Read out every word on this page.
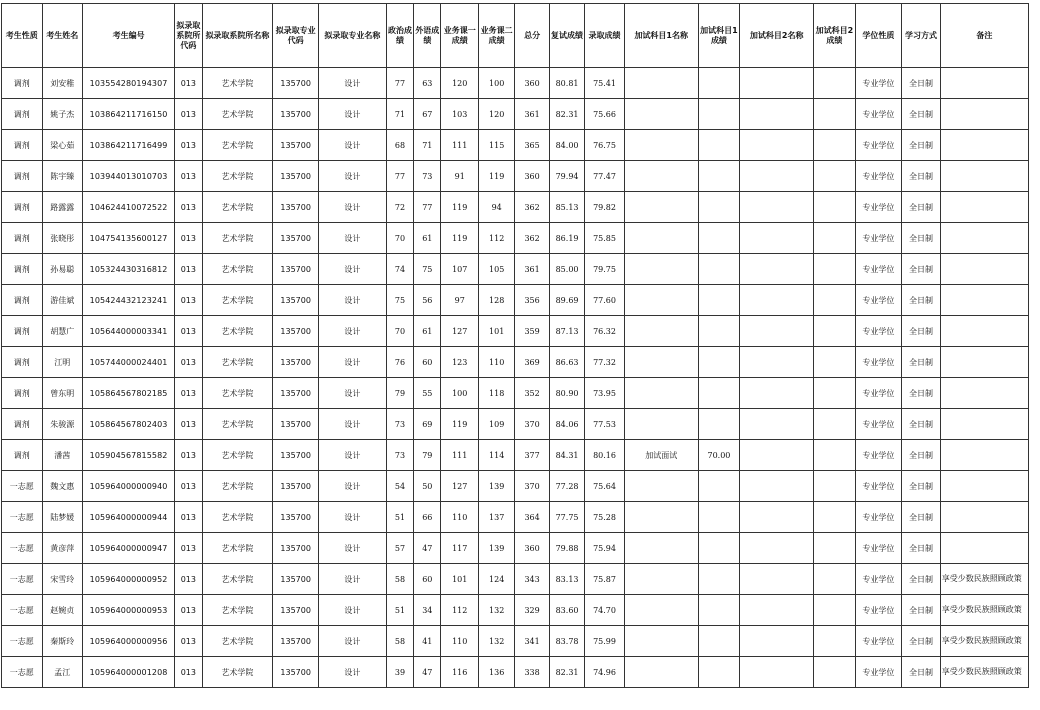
考生性质	考生姓名	考生编号	拟录取系院所代码	拟录取系院所名称	拟录取专业代码	拟录取专业名称	政治成绩	外语成绩	业务课一成绩	业务课二成绩	总分	复试成绩	录取成绩	加试科目1名称	加试科目1成绩	加试科目2名称	加试科目2成绩	学位性质	学习方式	备注
调剂	刘安稚	103554280194307	013	艺术学院	135700	设计	77	63	120	100	360	80.81	75.41					专业学位	全日制	
调剂	姚子杰	103864211716150	013	艺术学院	135700	设计	71	67	103	120	361	82.31	75.66					专业学位	全日制	
调剂	梁心茹	103864211716499	013	艺术学院	135700	设计	68	71	111	115	365	84.00	76.75					专业学位	全日制	
调剂	陈宇臻	103944013010703	013	艺术学院	135700	设计	77	73	91	119	360	79.94	77.47					专业学位	全日制	
调剂	路露露	104624410072522	013	艺术学院	135700	设计	72	77	119	94	362	85.13	79.82					专业学位	全日制	
调剂	张晓彤	104754135600127	013	艺术学院	135700	设计	70	61	119	112	362	86.19	75.85					专业学位	全日制	
调剂	孙易聪	105324430316812	013	艺术学院	135700	设计	74	75	107	105	361	85.00	79.75					专业学位	全日制	
调剂	游佳斌	105424432123241	013	艺术学院	135700	设计	75	56	97	128	356	89.69	77.60					专业学位	全日制	
调剂	胡慧广	105644000003341	013	艺术学院	135700	设计	70	61	127	101	359	87.13	76.32					专业学位	全日制	
调剂	江明	105744000024401	013	艺术学院	135700	设计	76	60	123	110	369	86.63	77.32					专业学位	全日制	
调剂	曾东明	105864567802185	013	艺术学院	135700	设计	79	55	100	118	352	80.90	73.95					专业学位	全日制	
调剂	朱骏源	105864567802403	013	艺术学院	135700	设计	73	69	119	109	370	84.06	77.53					专业学位	全日制	
调剂	潘茜	105904567815582	013	艺术学院	135700	设计	73	79	111	114	377	84.31	80.16	加试面试	70.00			专业学位	全日制	
一志愿	魏文惠	105964000000940	013	艺术学院	135700	设计	54	50	127	139	370	77.28	75.64					专业学位	全日制	
一志愿	陆梦媛	105964000000944	013	艺术学院	135700	设计	51	66	110	137	364	77.75	75.28					专业学位	全日制	
一志愿	黄彦萍	105964000000947	013	艺术学院	135700	设计	57	47	117	139	360	79.88	75.94					专业学位	全日制	
一志愿	宋雪玲	105964000000952	013	艺术学院	135700	设计	58	60	101	124	343	83.13	75.87					专业学位	全日制	享受少数民族照顾政策
一志愿	赵婉贞	105964000000953	013	艺术学院	135700	设计	51	34	112	132	329	83.60	74.70					专业学位	全日制	享受少数民族照顾政策
一志愿	秦斯玲	105964000000956	013	艺术学院	135700	设计	58	41	110	132	341	83.78	75.99					专业学位	全日制	享受少数民族照顾政策
一志愿	孟江	105964000001208	013	艺术学院	135700	设计	39	47	116	136	338	82.31	74.96					专业学位	全日制	享受少数民族照顾政策
